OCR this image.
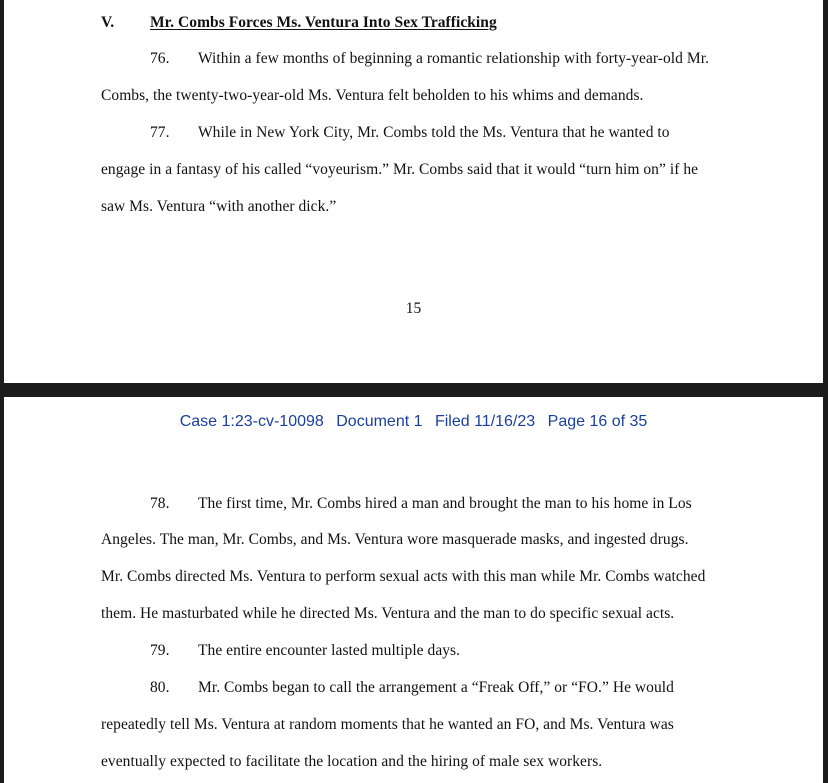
V. Mr. Combs Forces Ms. Ventura Into Sex Trafficking
76. Within a few months of beginning a romantic relationship with forty-year-old Mr.
Combs, the twenty-two-year-old Ms. Ventura felt beholden to his whims and demands.
77. While in New York City, Mr. Combs told the Ms. Ventura that he wanted to
engage in a fantasy of his called “voyeurism.” Mr. Combs said that it would “turn him on” if he
saw Ms. Ventura “with another dick.”
15
Case 1:23-cv-10098 Document 1 Filed 11/16/23 Page 16 of 35
78. The first time, Mr. Combs hired a man and brought the man to his home in Los
Angeles. The man, Mr. Combs, and Ms. Ventura wore masquerade masks, and ingested drugs.
Mr. Combs directed Ms. Ventura to perform sexual acts with this man while Mr. Combs watched
them. He masturbated while he directed Ms. Ventura and the man to do specific sexual acts.
79. The entire encounter lasted multiple days.
80. Mr. Combs began to call the arrangement a “Freak Off,” or “FO.” He would
repeatedly tell Ms. Ventura at random moments that he wanted an FO, and Ms. Ventura was
eventually expected to facilitate the location and the hiring of male sex workers.
